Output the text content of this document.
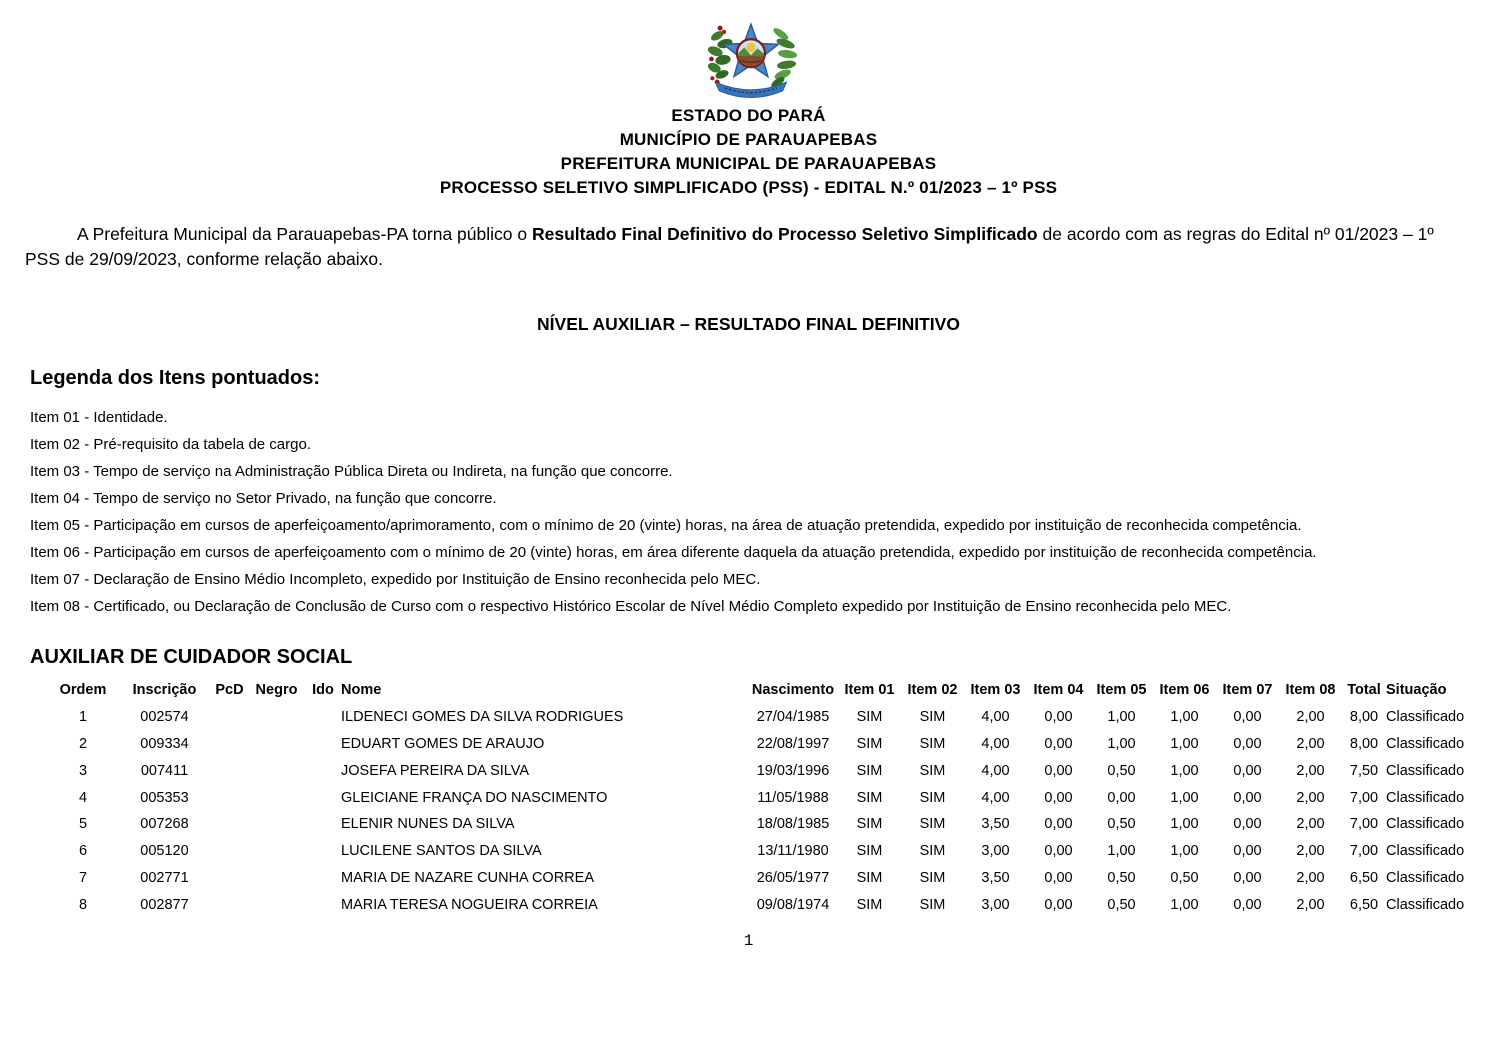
ESTADO DO PARÁ
MUNICÍPIO DE PARAUAPEBAS
PREFEITURA MUNICIPAL DE PARAUAPEBAS
PROCESSO SELETIVO SIMPLIFICADO (PSS) - EDITAL N.º 01/2023 – 1º PSS

A Prefeitura Municipal da Parauapebas-PA torna público o Resultado Final Definitivo do Processo Seletivo Simplificado de acordo com as regras do Edital nº 01/2023 – 1º PSS de 29/09/2023, conforme relação abaixo.

NÍVEL AUXILIAR – RESULTADO FINAL DEFINITIVO
Legenda dos Itens pontuados:
Item 01 - Identidade.
Item 02 - Pré-requisito da tabela de cargo.
Item 03 - Tempo de serviço na Administração Pública Direta ou Indireta, na função que concorre.
Item 04 - Tempo de serviço no Setor Privado, na função que concorre.
Item 05 - Participação em cursos de aperfeiçoamento/aprimoramento, com o mínimo de 20 (vinte) horas, na área de atuação pretendida, expedido por instituição de reconhecida competência.
Item 06 - Participação em cursos de aperfeiçoamento com o mínimo de 20 (vinte) horas, em área diferente daquela da atuação pretendida, expedido por instituição de reconhecida competência.
Item 07 - Declaração de Ensino Médio Incompleto, expedido por Instituição de Ensino reconhecida pelo MEC.
Item 08 - Certificado, ou Declaração de Conclusão de Curso com o respectivo Histórico Escolar de Nível Médio Completo expedido por Instituição de Ensino reconhecida pelo MEC.
AUXILIAR DE CUIDADOR SOCIAL
Ordem	Inscrição	PcD	Negro	Ido	Nome	Nascimento	Item 01	Item 02	Item 03	Item 04	Item 05	Item 06	Item 07	Item 08	Total	Situação
1	002574				ILDENECI GOMES DA SILVA RODRIGUES	27/04/1985	SIM	SIM	4,00	0,00	1,00	1,00	0,00	2,00	8,00	Classificado
2	009334				EDUART GOMES DE ARAUJO	22/08/1997	SIM	SIM	4,00	0,00	1,00	1,00	0,00	2,00	8,00	Classificado
3	007411				JOSEFA PEREIRA DA SILVA	19/03/1996	SIM	SIM	4,00	0,00	0,50	1,00	0,00	2,00	7,50	Classificado
4	005353				GLEICIANE FRANÇA DO NASCIMENTO	11/05/1988	SIM	SIM	4,00	0,00	0,00	1,00	0,00	2,00	7,00	Classificado
5	007268				ELENIR NUNES DA SILVA	18/08/1985	SIM	SIM	3,50	0,00	0,50	1,00	0,00	2,00	7,00	Classificado
6	005120				LUCILENE SANTOS DA SILVA	13/11/1980	SIM	SIM	3,00	0,00	1,00	1,00	0,00	2,00	7,00	Classificado
7	002771				MARIA DE NAZARE CUNHA CORREA	26/05/1977	SIM	SIM	3,50	0,00	0,50	0,50	0,00	2,00	6,50	Classificado
8	002877				MARIA TERESA NOGUEIRA CORREIA	09/08/1974	SIM	SIM	3,00	0,00	0,50	1,00	0,00	2,00	6,50	Classificado
1
